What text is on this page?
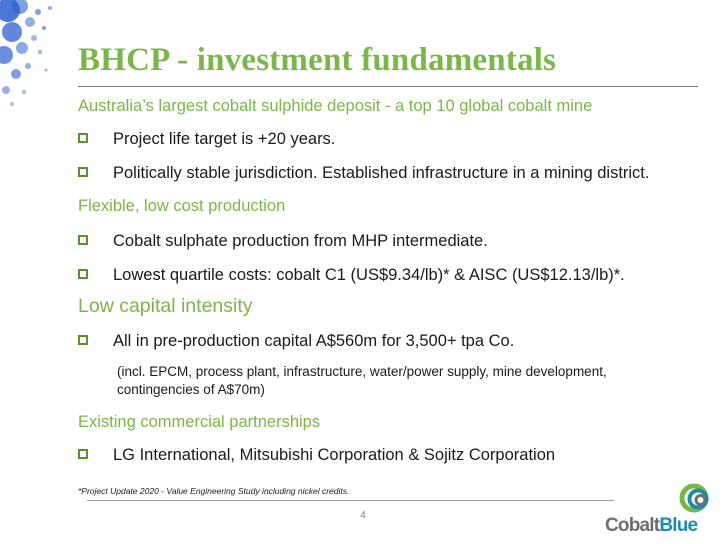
BHCP - investment fundamentals
Australia’s largest cobalt sulphide deposit - a top 10 global cobalt mine
Project life target is +20 years.
Politically stable jurisdiction. Established infrastructure in a mining district.
Flexible, low cost production
Cobalt sulphate production from MHP intermediate.
Lowest quartile costs: cobalt C1 (US$9.34/lb)* & AISC (US$12.13/lb)*.
Low capital intensity
All in pre-production capital A$560m for 3,500+ tpa Co.
(incl. EPCM, process plant, infrastructure, water/power supply, mine development, contingencies of A$70m)
Existing commercial partnerships
LG International, Mitsubishi Corporation & Sojitz Corporation
*Project Update 2020 - Value Engineering Study including nickel credits.
4	CobaltBlue
